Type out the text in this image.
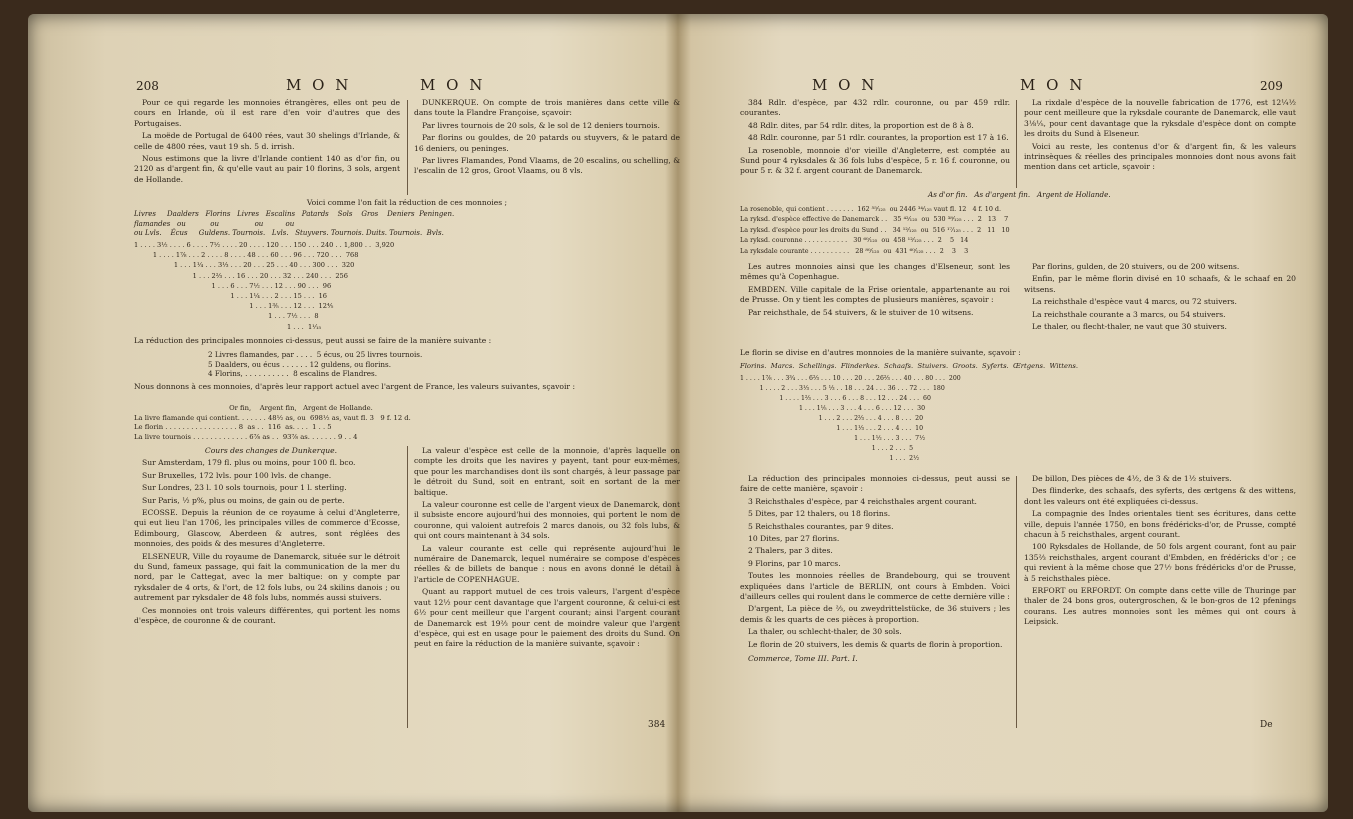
208	M O N	M O N

Pour ce qui regarde les monnoies étrangères, elles ont peu de cours en Irlande, où il est rare d'en voir d'autres que des Portugaises.

La moëde de Portugal de 6400 rées, vaut 30 shelings d'Irlande, & celle de 4800 rées, vaut 19 sh. 5 d. irrish.

Nous estimons que la livre d'Irlande contient 140 as d'or fin, ou 2120 as d'argent fin, & qu'elle vaut au pair 10 florins, 3 sols, argent de Hollande.

DUNKERQUE. On compte de trois manières dans cette ville & dans toute la Flandre Françoise, sçavoir:

Par livres tournois de 20 sols, & le sol de 12 deniers tournois.

Par florins ou gouldes, de 20 patards ou stuyvers, & le patard de 16 deniers, ou peninges.

Par livres Flamandes, Pond Vlaams, de 20 escalins, ou schelling, & l'escalin de 12 gros, Groot Vlaams, ou 8 vls.

Voici comme l'on fait la réduction de ces monnoies ;
Livres     Daalders   Florins   Livres   Escalins   Patards    Sols    Gros    Deniers  Peningen.
flamandes   ou           ou                ou          ou
ou Lvls.    Écus     Guldens. Tournois.   Lvls.   Stuyvers. Tournois. Duits. Tournois.  Bvls.
1 . . . . 3½ . . . . 6 . . . . 7½ . . . . 20 . . . . 120 . . . 150 . . . 240 . . 1,800 . .  3,920
1 . . . . 1⅞ . . . 2 . . . . 8 . . . . 48 . . . 60 . . . 96 . . . 720 . . .  768
1 . . . 1¼ . . . 3⅓ . . . 20 . . . 25 . . . 40 . . . 300 . . .  320
1 . . . 2⅔ . . . 16 . . . 20 . . . 32 . . . 240 . . .  256
1 . . . 6 . . . 7½ . . . 12 . . . 90 . . .  96
1 . . . 1¼ . . . 2 . . . 15 . . .  16
1 . . . 1⅗ . . . 12 . . .  12⅘
1 . . . 7½ . . .  8
1 . . .  1¹⁄₁₅
La réduction des principales monnoies ci-dessus, peut aussi se faire de la manière suivante :
2 Livres flamandes, par . . . .  5 écus, ou 25 livres tournois.
5 Daalders, ou écus . . . . . . 12 guldens, ou florins.
4 Florins, . . . . . . . . . .  8 escalins de Flandres.
Nous donnons à ces monnoies, d'après leur rapport actuel avec l'argent de France, les valeurs suivantes, sçavoir :
Or fin,    Argent fin,   Argent de Hollande.
La livre flamande qui contient. . . . . . . 48½ as, ou  698½ as, vaut fl. 3   9 f. 12 d.
Le florin . . . . . . . . . . . . . . . . . 8  as . .  116  as. . . .  1 . . 5
La livre tournois . . . . . . . . . . . . . 6⅞ as . .  93⅞ as. . . . . . . 9 . . 4

Cours des changes de Dunkerque.

Sur Amsterdam, 179 fl. plus ou moins, pour 100 fl. bco.

Sur Bruxelles, 172 lvls. pour 100 lvls. de change.

Sur Londres, 23 l. 10 sols tournois, pour 1 l. sterling.

Sur Paris, ½ p%, plus ou moins, de gain ou de perte.

ECOSSE. Depuis la réunion de ce royaume à celui d'Angleterre, qui eut lieu l'an 1706, les principales villes de commerce d'Ecosse, Edimbourg, Glascow, Aberdeen & autres, sont réglées des monnoies, des poids & des mesures d'Angleterre.

ELSENEUR, Ville du royaume de Danemarck, située sur le détroit du Sund, fameux passage, qui fait la communication de la mer du nord, par le Cattegat, avec la mer baltique: on y compte par ryksdaler de 4 orts, & l'ort, de 12 fols lubs, ou 24 skilins danois ; ou autrement par ryksdaler de 48 fols lubs, nommés aussi stuivers.

Ces monnoies ont trois valeurs différentes, qui portent les noms d'espèce, de couronne & de courant.

La valeur d'espèce est celle de la monnoie, d'après laquelle on compte les droits que les navires y payent, tant pour eux-mêmes, que pour les marchandises dont ils sont chargés, à leur passage par le détroit du Sund, soit en entrant, soit en sortant de la mer baltique.

La valeur couronne est celle de l'argent vieux de Danemarck, dont il subsiste encore aujourd'hui des monnoies, qui portent le nom de couronne, qui valoient autrefois 2 marcs danois, ou 32 fols lubs, & qui ont cours maintenant à 34 sols.

La valeur courante est celle qui représente aujourd'hui le numéraire de Danemarck, lequel numéraire se compose d'espèces réelles & de billets de banque : nous en avons donné le détail à l'article de COPENHAGUE.

Quant au rapport mutuel de ces trois valeurs, l'argent d'espèce vaut 12½ pour cent davantage que l'argent couronne, & celui-ci est 6½ pour cent meilleur que l'argent courant; ainsi l'argent courant de Danemarck est 19⅔ pour cent de moindre valeur que l'argent d'espèce, qui est en usage pour le paiement des droits du Sund. On peut en faire la réduction de la manière suivante, sçavoir :

384
M O N	M O N	209

384 Rdlr. d'espèce, par 432 rdlr. couronne, ou par 459 rdlr. courantes.

48 Rdlr. dites, par 54 rdlr. dites, la proportion est de 8 à 8.

48 Rdlr. couronne, par 51 rdlr. courantes, la proportion est 17 à 16.

La rosenoble, monnoie d'or vieille d'Angleterre, est comptée au Sund pour 4 ryksdales & 36 fols lubs d'espèce, 5 r. 16 f. couronne, ou pour 5 r. & 32 f. argent courant de Danemarck.

La rixdale d'espèce de la nouvelle fabrication de 1776, est 12¼½ pour cent meilleure que la ryksdale courante de Danemarck, elle vaut 3⅛⅕, pour cent davantage que la ryksdale d'espèce dont on compte les droits du Sund à Elseneur.

Voici au reste, les contenus d'or & d'argent fin, & les valeurs intrinsèques & réelles des principales monnoies dont nous avons fait mention dans cet article, sçavoir :

As d'or fin.   As d'argent fin.   Argent de Hollande.
La rosenoble, qui contient . . . . . . .  162 ⁵⁵⁄₁₂₅  ou 2446 ³⁴⁄₁₂₅ vaut fl. 12   4 f. 10 d.
La ryksd. d'espèce effective de Danemarck . .   35 ⁴²⁄₁₂₅  ou  530 ³⁸⁄₁₂₅ . . .  2   13    7
La ryksd. d'espèce pour les droits du Sund . .   34 ¹²⁄₁₂₅  ou  516 ¹⁷⁄₁₂₅ . . .  2   11   10
La ryksd. couronne . . . . . . . . . . .   30 ⁶⁰⁄₁₂₅  ou  458 ¹²⁄₁₂₅ . . .  2    5   14
La ryksdale courante . . . . . . . . . .   28 ⁸⁰⁄₁₂₅  ou  431 ⁶⁰⁄₁₂₅ . . .  2    3    3

Les autres monnoies ainsi que les changes d'Elseneur, sont les mêmes qu'à Copenhague.

EMBDEN. Ville capitale de la Frise orientale, appartenante au roi de Prusse. On y tient les comptes de plusieurs manières, sçavoir :

Par reichsthale, de 54 stuivers, & le stuiver de 10 witsens.

Par florins, gulden, de 20 stuivers, ou de 200 witsens.

Enfin, par le même florin divisé en 10 schaafs, & le schaaf en 20 witsens.

La reichsthale d'espèce vaut 4 marcs, ou 72 stuivers.

La reichsthale courante a 3 marcs, ou 54 stuivers.

Le thaler, ou flecht-thaler, ne vaut que 30 stuivers.

Le florin se divise en d'autres monnoies de la manière suivante, sçavoir :
Florins.  Marcs.  Schellings.  Flinderkes.  Schaafs.  Stuivers.  Groots.  Syferts.  Œrtgens.  Wittens.
1 . . . . 1⅞ . . . 3¾ . . . 6⅔ . . . 10 . . . 20 . . . 26⅔ . . . 40 . . . 80 . . .  200
1 . . . . 2 . . . 3⅓ . . . 5 ⅓ . . 18 . . . 24 . . . 36 . . . 72 . . .  180
1 . . . . 1⅔ . . . 3 . . . 6 . . . 8 . . . 12 . . . 24 . . .  60
1 . . . 1⅕ . . . 3 . . . 4 . . . 6 . . . 12 . . .  30
1 . . . 2 . . . 2⅔ . . . 4 . . . 8 . . .  20
1 . . . 1⅓ . . . 2 . . . 4 . . .  10
1 . . . 1½ . . . 3 . . .  7½
1 . . . 2 . . .  5
1 . . .  2½

La réduction des principales monnoies ci-dessus, peut aussi se faire de cette manière, sçavoir :

3 Reichsthales d'espèce, par 4 reichsthales argent courant.

5 Dites, par 12 thalers, ou 18 florins.

5 Reichsthales courantes, par 9 dites.

10 Dites, par 27 florins.

2 Thalers, par 3 dites.

9 Florins, par 10 marcs.

Toutes les monnoies réelles de Brandebourg, qui se trouvent expliquées dans l'article de BERLIN, ont cours à Embden. Voici d'ailleurs celles qui roulent dans le commerce de cette dernière ville :

D'argent, La pièce de ⅔, ou zweydrittelstücke, de 36 stuivers ; les demis & les quarts de ces pièces à proportion.

La thaler, ou schlecht-thaler, de 30 sols.

Le florin de 20 stuivers, les demis & quarts de florin à proportion.

Commerce, Tome III. Part. I.

De billon, Des pièces de 4½, de 3 & de 1½ stuivers.

Des flinderke, des schaafs, des syferts, des œrtgens & des wittens, dont les valeurs ont été expliquées ci-dessus.

La compagnie des Indes orientales tient ses écritures, dans cette ville, depuis l'année 1750, en bons frédéricks-d'or, de Prusse, compté chacun à 5 reichsthales, argent courant.

100 Ryksdales de Hollande, de 50 fols argent courant, font au pair 135⅔ reichsthales, argent courant d'Embden, en frédéricks d'or ; ce qui revient à la même chose que 27⅐ bons frédéricks d'or de Prusse, à 5 reichsthales pièce.

ERFORT ou ERFORDT. On compte dans cette ville de Thuringe par thaler de 24 bons gros, outergroschen, & le bon-gros de 12 pfenings courans. Les autres monnoies sont les mêmes qui ont cours à Leipsick.

De
